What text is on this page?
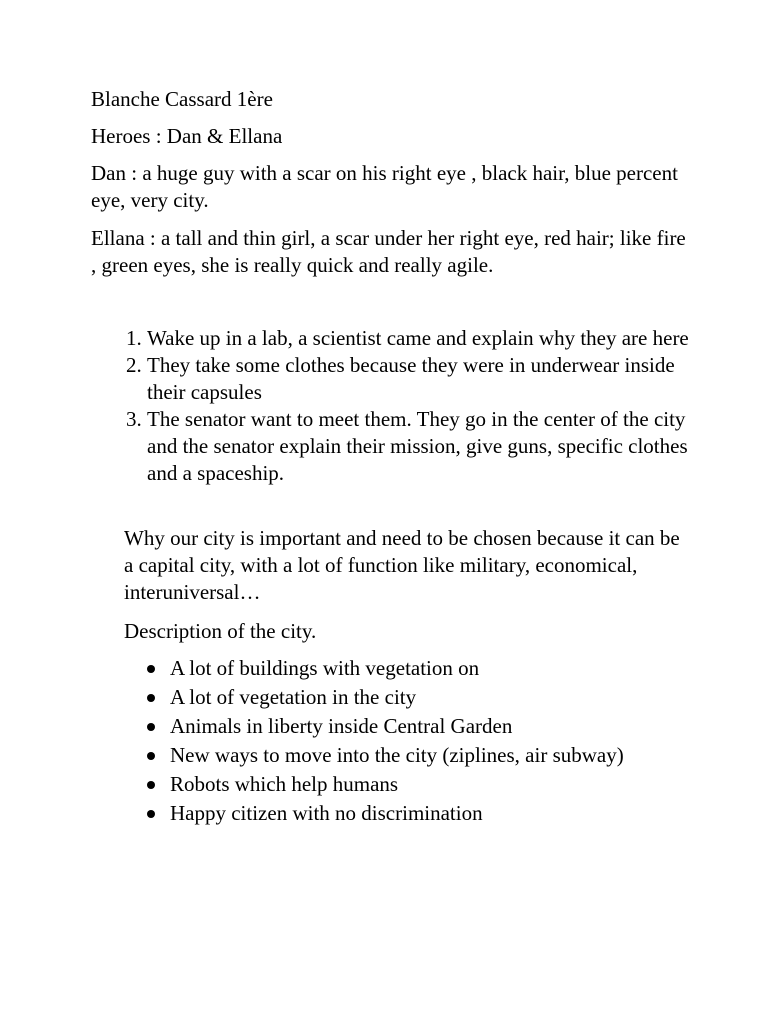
Blanche Cassard 1ère

Heroes : Dan & Ellana

Dan : a huge guy with a scar on his right eye , black hair, blue percent eye, very city.

Ellana : a tall and thin girl, a scar under her right eye, red hair; like fire , green eyes, she is really quick and really agile.

1. Wake up in a lab, a scientist came and explain why they are here
2. They take some clothes because they were in underwear inside their capsules
3. The senator want to meet them. They go in the center of the city and the senator explain their mission, give guns, specific clothes and a spaceship.

Why our city is important and need to be chosen because it can be a capital city, with a lot of function like military, economical, interuniversal…

Description of the city.

A lot of buildings with vegetation on
A lot of vegetation in the city
Animals in liberty inside Central Garden
New ways to move into the city (ziplines, air subway)
Robots which help humans
Happy citizen with no discrimination
